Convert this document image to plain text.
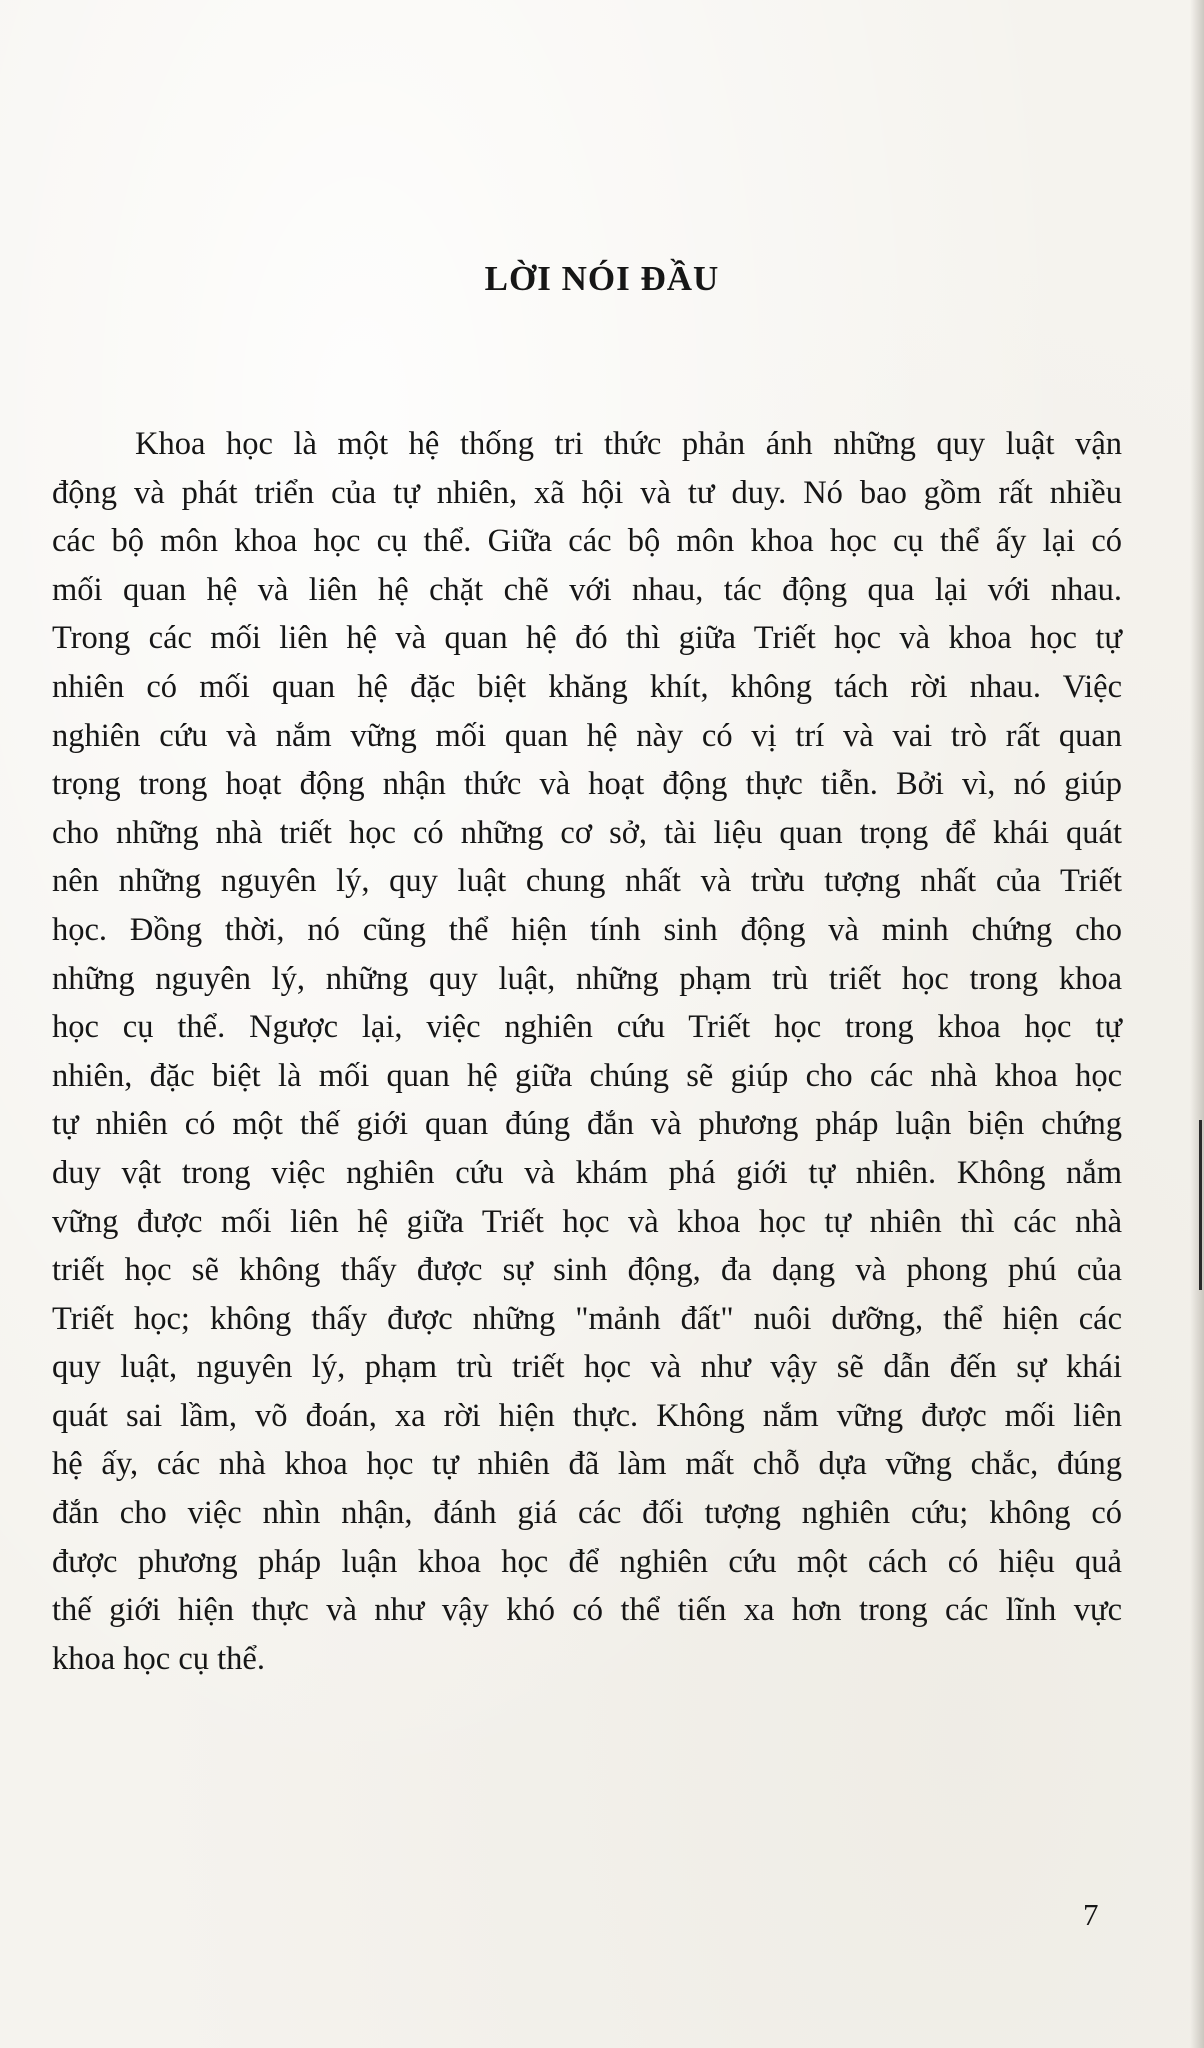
LỜI NÓI ĐẦU
Khoa học là một hệ thống tri thức phản ánh những quy luật vận
động và phát triển của tự nhiên, xã hội và tư duy. Nó bao gồm rất nhiều
các bộ môn khoa học cụ thể. Giữa các bộ môn khoa học cụ thể ấy lại có
mối quan hệ và liên hệ chặt chẽ với nhau, tác động qua lại với nhau.
Trong các mối liên hệ và quan hệ đó thì giữa Triết học và khoa học tự
nhiên có mối quan hệ đặc biệt khăng khít, không tách rời nhau. Việc
nghiên cứu và nắm vững mối quan hệ này có vị trí và vai trò rất quan
trọng trong hoạt động nhận thức và hoạt động thực tiễn. Bởi vì, nó giúp
cho những nhà triết học có những cơ sở, tài liệu quan trọng để khái quát
nên những nguyên lý, quy luật chung nhất và trừu tượng nhất của Triết
học. Đồng thời, nó cũng thể hiện tính sinh động và minh chứng cho
những nguyên lý, những quy luật, những phạm trù triết học trong khoa
học cụ thể. Ngược lại, việc nghiên cứu Triết học trong khoa học tự
nhiên, đặc biệt là mối quan hệ giữa chúng sẽ giúp cho các nhà khoa học
tự nhiên có một thế giới quan đúng đắn và phương pháp luận biện chứng
duy vật trong việc nghiên cứu và khám phá giới tự nhiên. Không nắm
vững được mối liên hệ giữa Triết học và khoa học tự nhiên thì các nhà
triết học sẽ không thấy được sự sinh động, đa dạng và phong phú của
Triết học; không thấy được những "mảnh đất" nuôi dưỡng, thể hiện các
quy luật, nguyên lý, phạm trù triết học và như vậy sẽ dẫn đến sự khái
quát sai lầm, võ đoán, xa rời hiện thực. Không nắm vững được mối liên
hệ ấy, các nhà khoa học tự nhiên đã làm mất chỗ dựa vững chắc, đúng
đắn cho việc nhìn nhận, đánh giá các đối tượng nghiên cứu; không có
được phương pháp luận khoa học để nghiên cứu một cách có hiệu quả
thế giới hiện thực và như vậy khó có thể tiến xa hơn trong các lĩnh vực
khoa học cụ thể.
7
